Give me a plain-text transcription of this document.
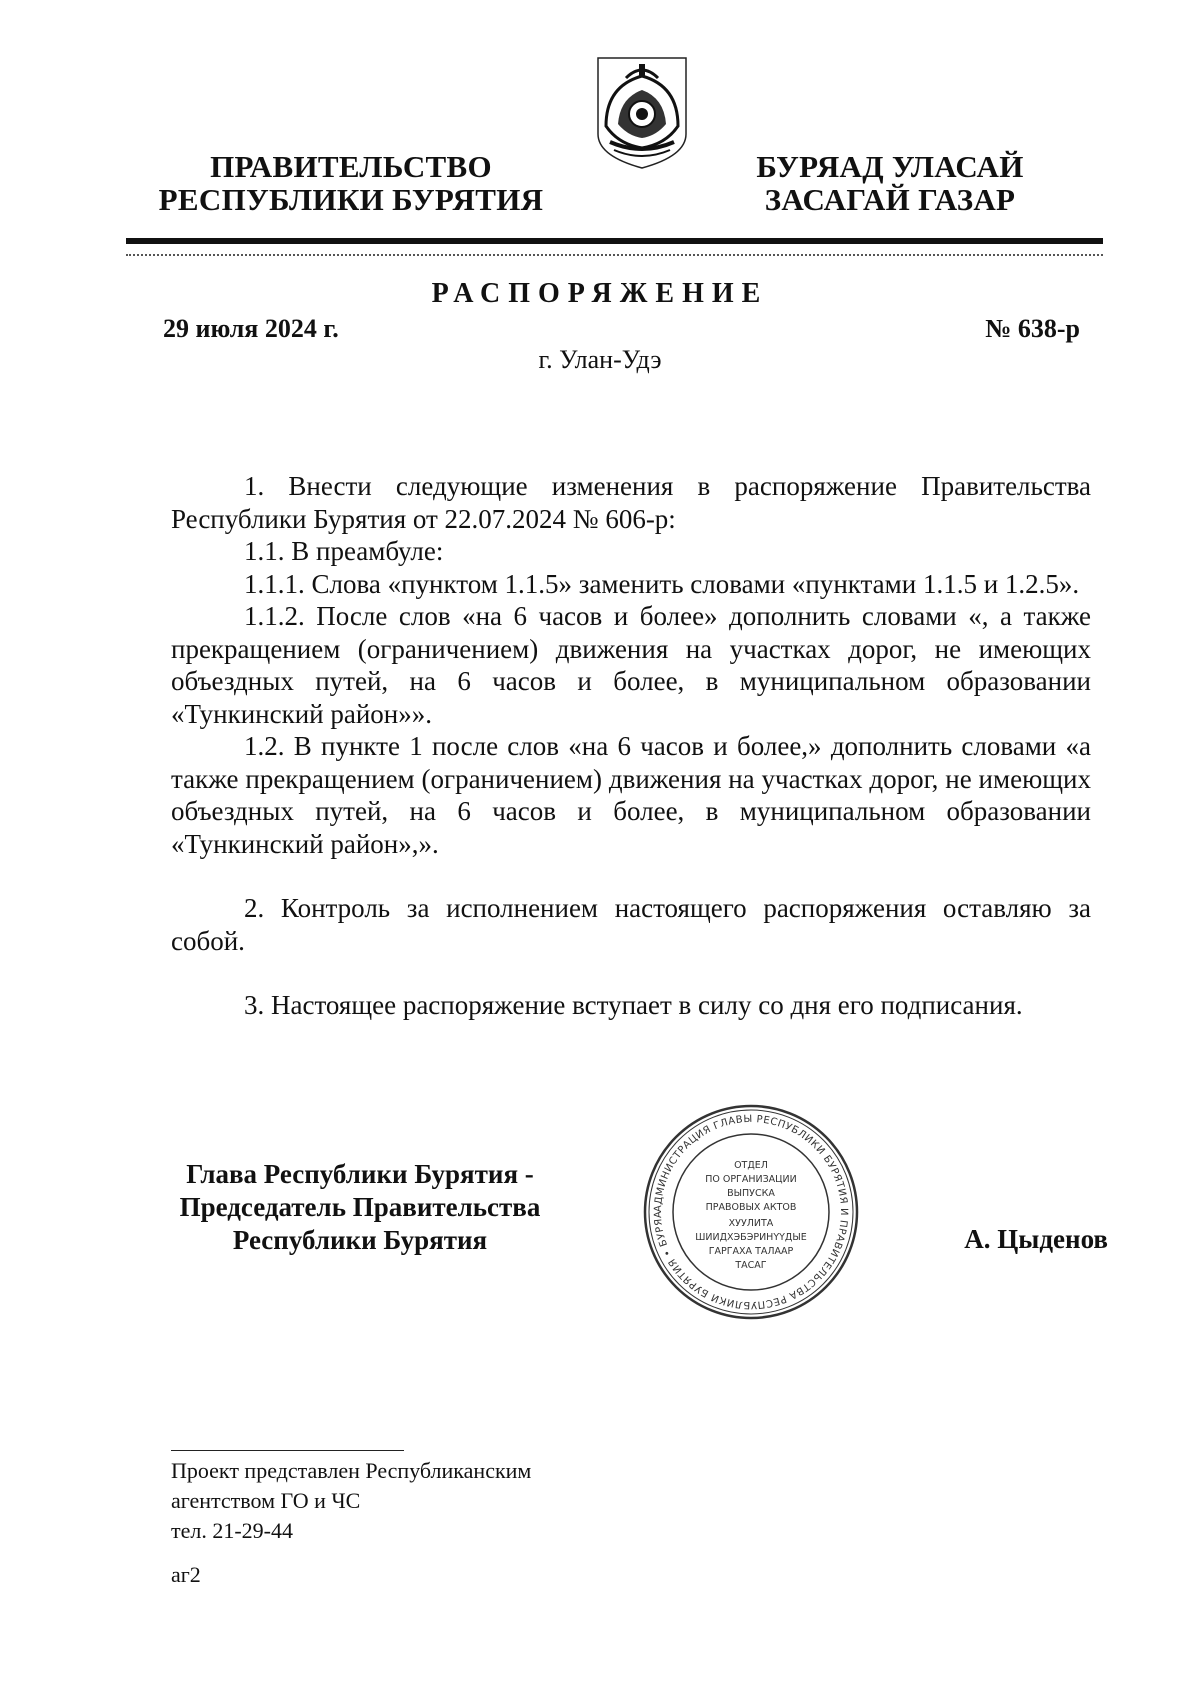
ПРАВИТЕЛЬСТВО
РЕСПУБЛИКИ БУРЯТИЯ
БУРЯАД УЛАСАЙ
ЗАСАГАЙ ГАЗАР
РАСПОРЯЖЕНИЕ
29 июля 2024 г.	№ 638-р
г. Улан-Удэ

1. Внести следующие изменения в распоряжение Правительства Республики Бурятия от 22.07.2024 № 606-р:

1.1. В преамбуле:

1.1.1. Слова «пунктом 1.1.5» заменить словами «пунктами 1.1.5 и 1.2.5».

1.1.2. После слов «на 6 часов и более» дополнить словами «, а также прекращением (ограничением) движения на участках дорог, не имеющих объездных путей, на 6 часов и более, в муниципальном образовании «Тункинский район»».

1.2. В пункте 1 после слов «на 6 часов и более,» дополнить словами «а также прекращением (ограничением) движения на участках дорог, не имеющих объездных путей, на 6 часов и более, в муниципальном образовании «Тункинский район»,».

2. Контроль за исполнением настоящего распоряжения оставляю за собой.

3. Настоящее распоряжение вступает в силу со дня его подписания.

Глава Республики Бурятия -
Председатель Правительства
Республики Бурятия
АДМИНИСТРАЦИЯ ГЛАВЫ РЕСПУБЛИКИ БУРЯТИЯ И ПРАВИТЕЛЬСТВА РЕСПУБЛИКИ БУРЯТИЯ • БУРЯА
ОТДЕЛ
ПО ОРГАНИЗАЦИИ
ВЫПУСКА
ПРАВОВЫХ АКТОВ
ХУУЛИТА
ШИИДХЭБЭРИНҮҮДЫЕ
ГАРГАХА ТАЛААР
ТАСАГ
А. Цыденов
Проект представлен Республиканским
агентством ГО и ЧС
тел. 21-29-44
аг2
